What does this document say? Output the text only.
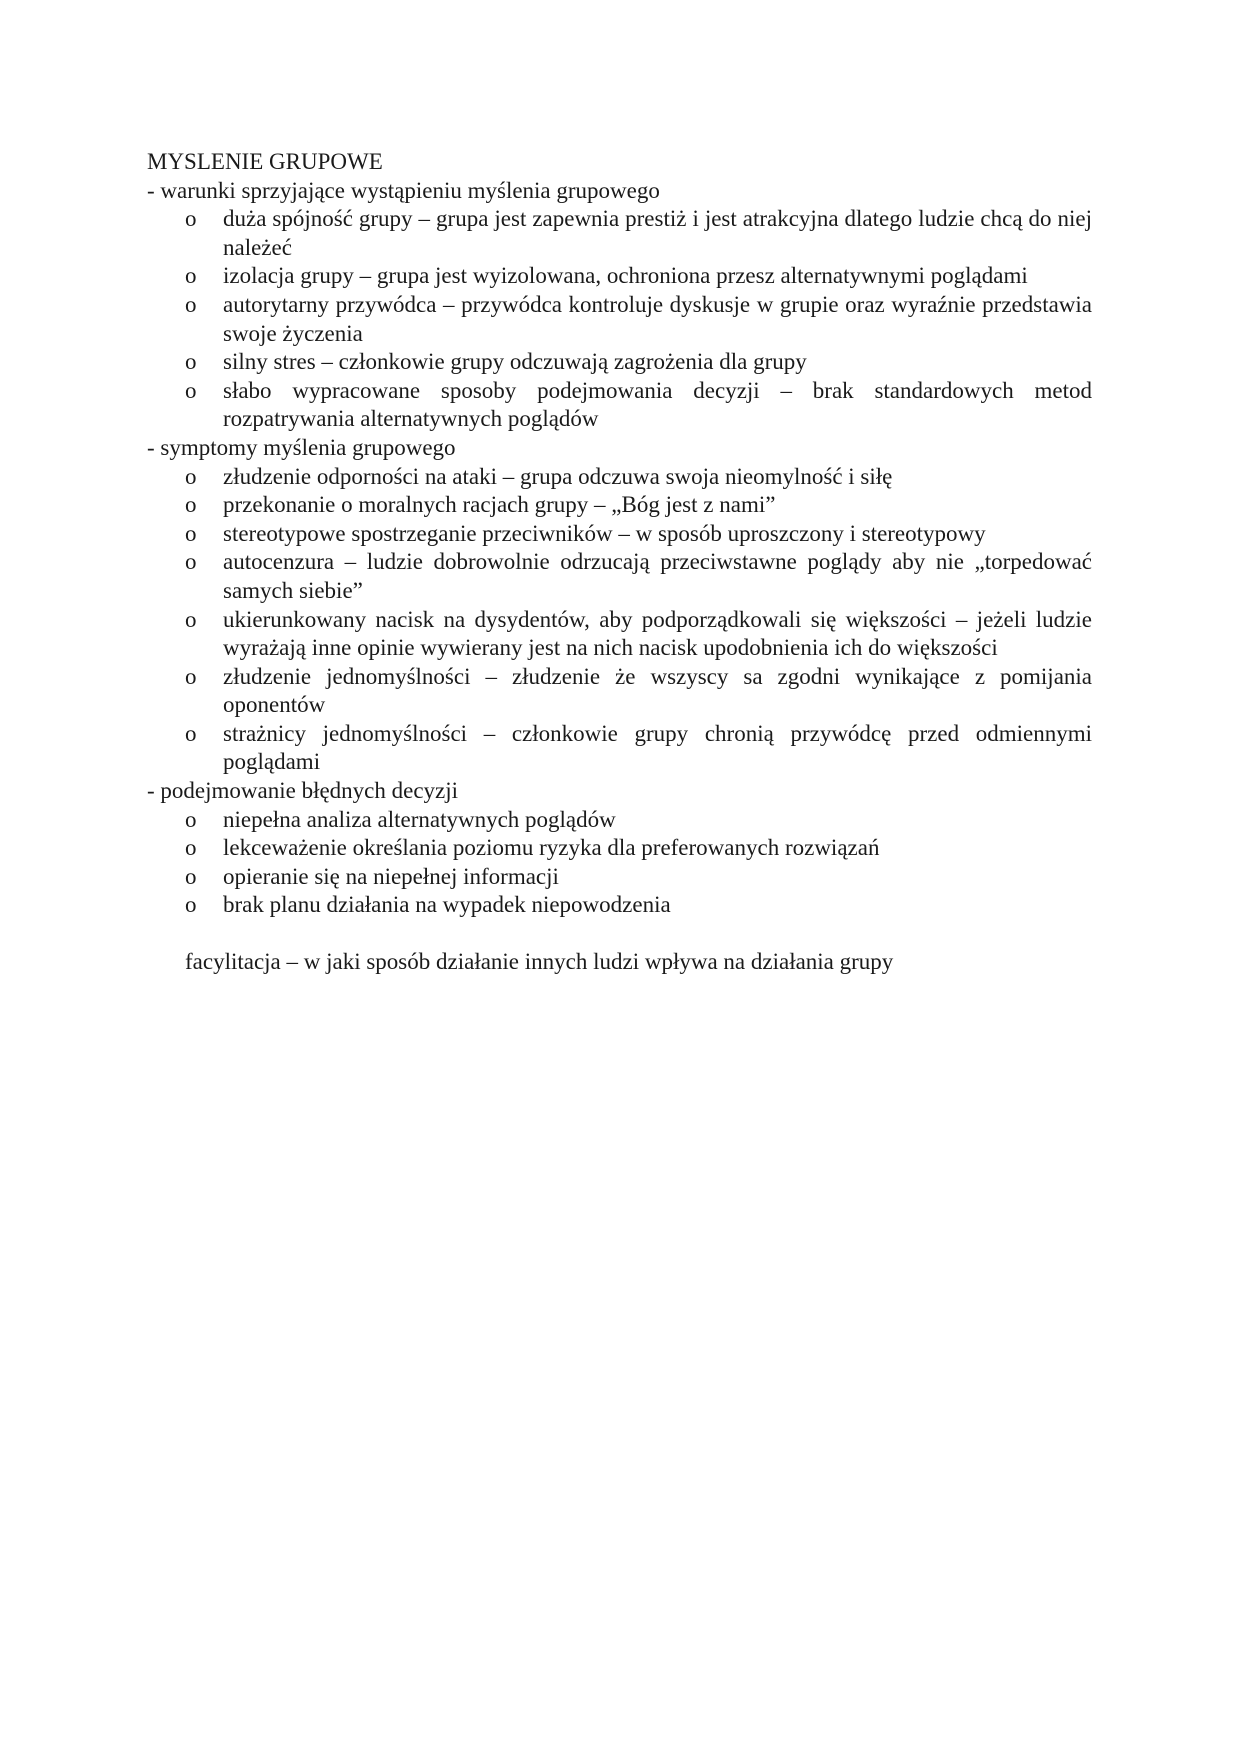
MYSLENIE GRUPOWE

- warunki sprzyjające wystąpieniu myślenia grupowego

o duża spójność grupy – grupa jest zapewnia prestiż i jest atrakcyjna dlatego ludzie chcą do niej należeć
o izolacja grupy – grupa jest wyizolowana, ochroniona przesz alternatywnymi poglądami
o autorytarny przywódca – przywódca kontroluje dyskusje w grupie oraz wyraźnie przedstawia swoje życzenia
o silny stres – członkowie grupy odczuwają zagrożenia dla grupy
o słabo wypracowane sposoby podejmowania decyzji – brak standardowych metod rozpatrywania alternatywnych poglądów

- symptomy myślenia grupowego

o złudzenie odporności na ataki – grupa odczuwa swoja nieomylność i siłę
o przekonanie o moralnych racjach grupy – „Bóg jest z nami”
o stereotypowe spostrzeganie przeciwników – w sposób uproszczony i stereotypowy
o autocenzura – ludzie dobrowolnie odrzucają przeciwstawne poglądy aby nie „torpedować samych siebie”
o ukierunkowany nacisk na dysydentów, aby podporządkowali się większości – jeżeli ludzie wyrażają inne opinie wywierany jest na nich nacisk upodobnienia ich do większości
o złudzenie jednomyślności – złudzenie że wszyscy sa zgodni wynikające z pomijania oponentów
o strażnicy jednomyślności – członkowie grupy chronią przywódcę przed odmiennymi poglądami

- podejmowanie błędnych decyzji

o niepełna analiza alternatywnych poglądów
o lekceważenie określania poziomu ryzyka dla preferowanych rozwiązań
o opieranie się na niepełnej informacji
o brak planu działania na wypadek niepowodzenia

facylitacja – w jaki sposób działanie innych ludzi wpływa na działania grupy
